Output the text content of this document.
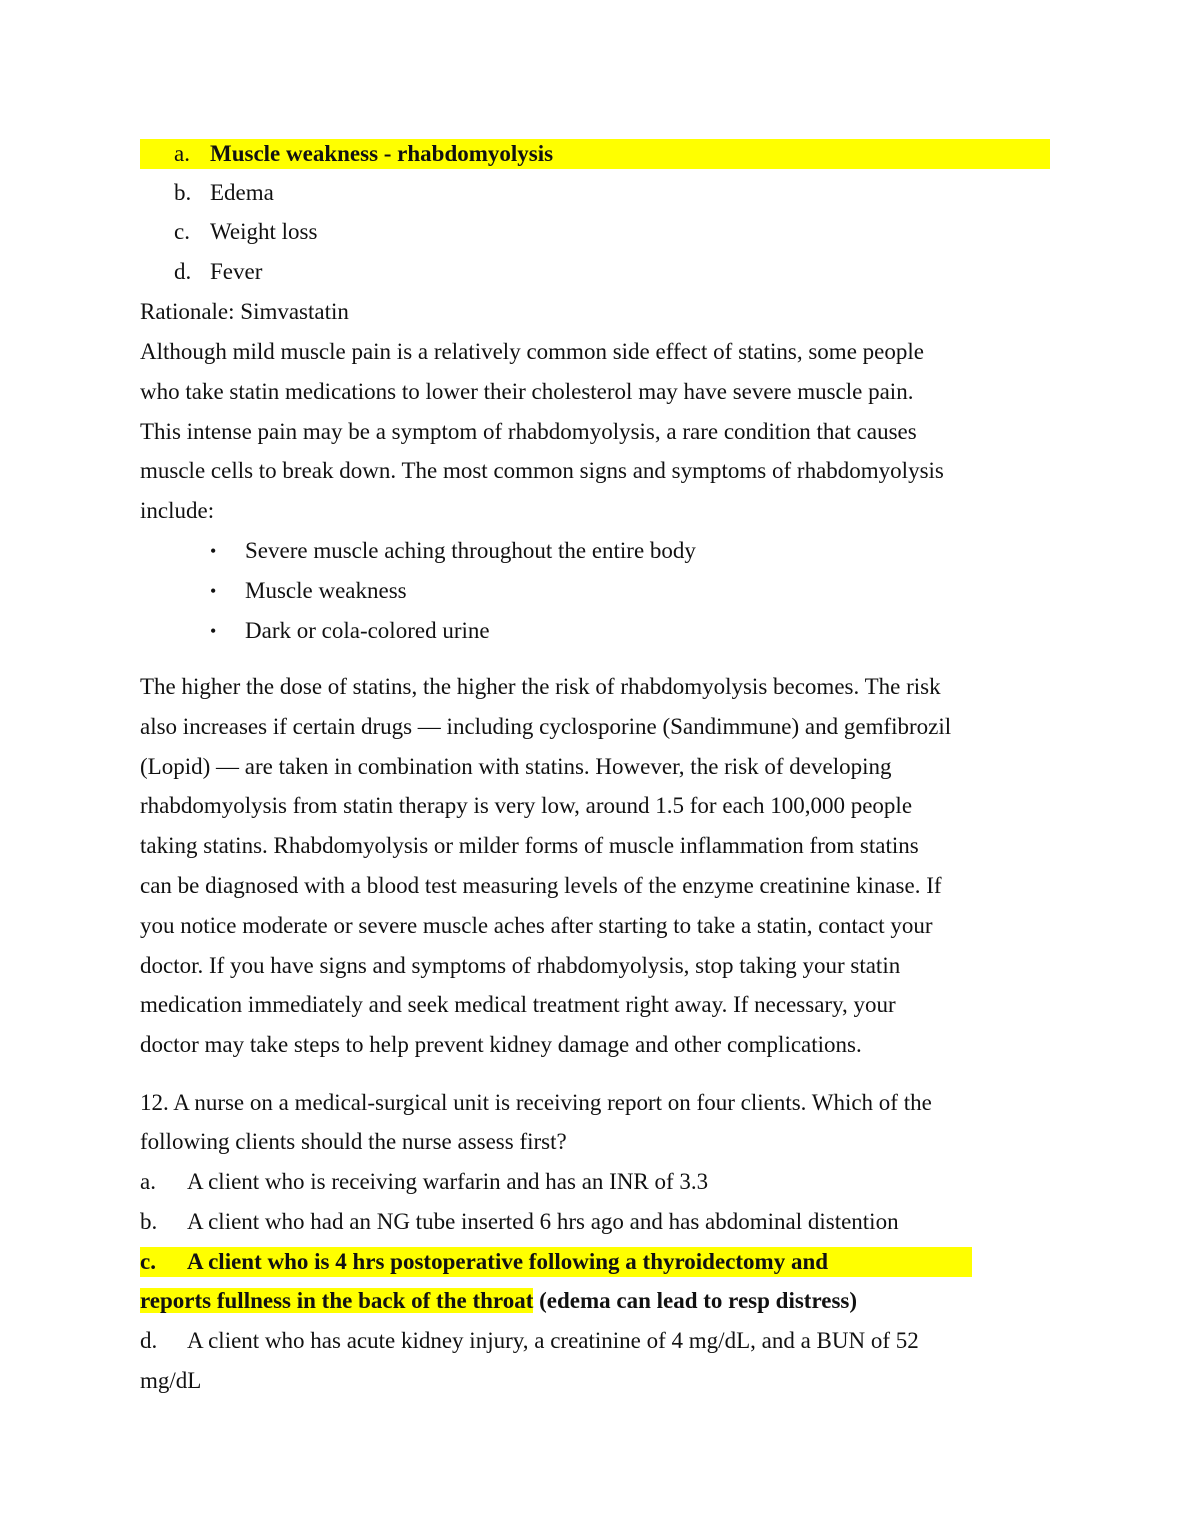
a. Muscle weakness - rhabdomyolysis
b. Edema
c. Weight loss
d. Fever
Rationale: Simvastatin
Although mild muscle pain is a relatively common side effect of statins, some people
who take statin medications to lower their cholesterol may have severe muscle pain.
This intense pain may be a symptom of rhabdomyolysis, a rare condition that causes
muscle cells to break down. The most common signs and symptoms of rhabdomyolysis
include:
• Severe muscle aching throughout the entire body
• Muscle weakness
• Dark or cola-colored urine
The higher the dose of statins, the higher the risk of rhabdomyolysis becomes. The risk
also increases if certain drugs — including cyclosporine (Sandimmune) and gemfibrozil
(Lopid) — are taken in combination with statins. However, the risk of developing
rhabdomyolysis from statin therapy is very low, around 1.5 for each 100,000 people
taking statins. Rhabdomyolysis or milder forms of muscle inflammation from statins
can be diagnosed with a blood test measuring levels of the enzyme creatinine kinase. If
you notice moderate or severe muscle aches after starting to take a statin, contact your
doctor. If you have signs and symptoms of rhabdomyolysis, stop taking your statin
medication immediately and seek medical treatment right away. If necessary, your
doctor may take steps to help prevent kidney damage and other complications.
12. A nurse on a medical-surgical unit is receiving report on four clients. Which of the
following clients should the nurse assess first?
a. A client who is receiving warfarin and has an INR of 3.3
b. A client who had an NG tube inserted 6 hrs ago and has abdominal distention
c. A client who is 4 hrs postoperative following a thyroidectomy and
reports fullness in the back of the throat (edema can lead to resp distress)
d. A client who has acute kidney injury, a creatinine of 4 mg/dL, and a BUN of 52
mg/dL
